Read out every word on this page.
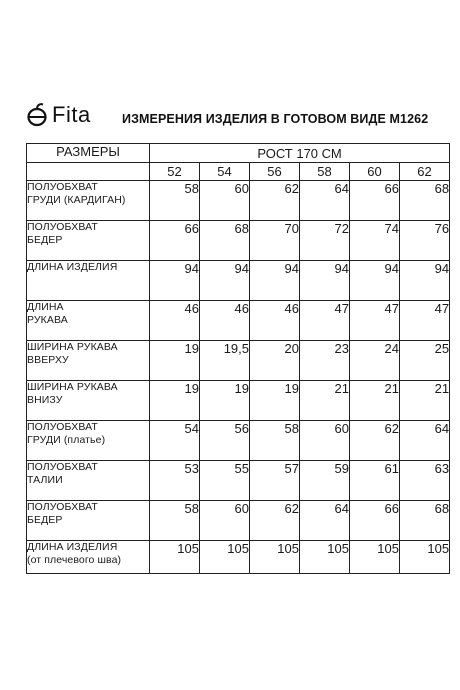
Fita	ИЗМЕРЕНИЯ ИЗДЕЛИЯ В ГОТОВОМ ВИДЕ М1262
РАЗМЕРЫ	РОСТ 170 СМ					
	52	54	56	58	60	62

ПОЛУОБХВАТ
ГРУДИ (КАРДИГАН)	58	60	62	64	66	68

ПОЛУОБХВАТ
БЕДЕР	66	68	70	72	74	76

ДЛИНА ИЗДЕЛИЯ	94	94	94	94	94	94

ДЛИНА
РУКАВА	46	46	46	47	47	47

ШИРИНА РУКАВА
ВВЕРХУ	19	19,5	20	23	24	25

ШИРИНА РУКАВА
ВНИЗУ	19	19	19	21	21	21

ПОЛУОБХВАТ
ГРУДИ (платье)	54	56	58	60	62	64

ПОЛУОБХВАТ
ТАЛИИ	53	55	57	59	61	63

ПОЛУОБХВАТ
БЕДЕР	58	60	62	64	66	68

ДЛИНА ИЗДЕЛИЯ
(от плечевого шва)	105	105	105	105	105	105
